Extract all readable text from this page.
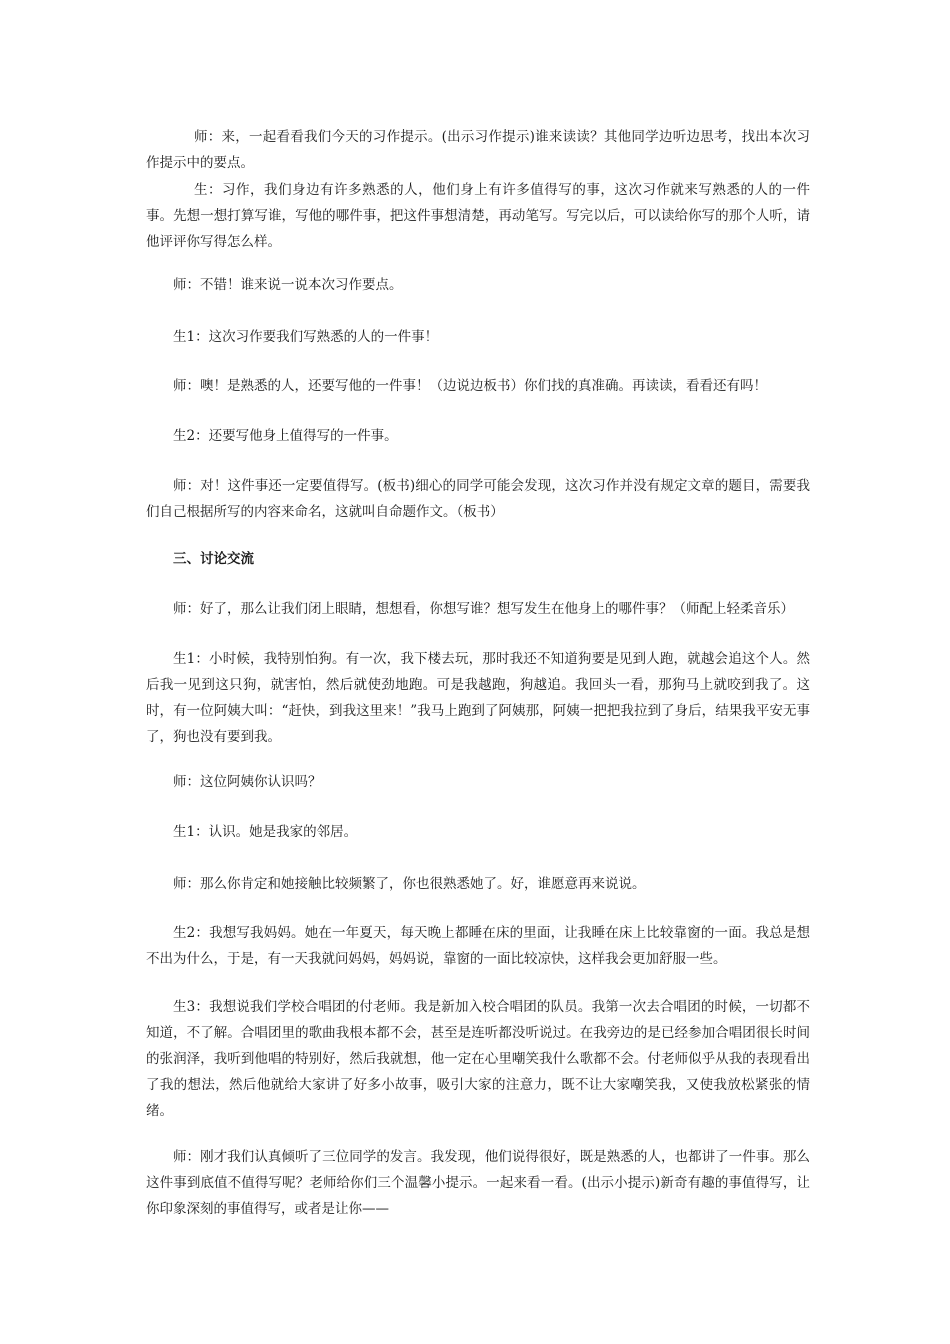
师：来，一起看看我们今天的习作提示。(出示习作提示)谁来读读？其他同学边听边思考，找出本次习作提示中的要点。

生：习作，我们身边有许多熟悉的人，他们身上有许多值得写的事，这次习作就来写熟悉的人的一件事。先想一想打算写谁，写他的哪件事，把这件事想清楚，再动笔写。写完以后，可以读给你写的那个人听，请他评评你写得怎么样。

师：不错！谁来说一说本次习作要点。

生1：这次习作要我们写熟悉的人的一件事！

师：噢！是熟悉的人，还要写他的一件事！（边说边板书）你们找的真准确。再读读，看看还有吗！

生2：还要写他身上值得写的一件事。

师：对！这件事还一定要值得写。(板书)细心的同学可能会发现，这次习作并没有规定文章的题目，需要我们自己根据所写的内容来命名，这就叫自命题作文。（板书）

三、讨论交流

师：好了，那么让我们闭上眼睛，想想看，你想写谁？想写发生在他身上的哪件事？（师配上轻柔音乐）

生1：小时候，我特别怕狗。有一次，我下楼去玩，那时我还不知道狗要是见到人跑，就越会追这个人。然后我一见到这只狗，就害怕，然后就使劲地跑。可是我越跑，狗越追。我回头一看，那狗马上就咬到我了。这时，有一位阿姨大叫：“赶快，到我这里来！”我马上跑到了阿姨那，阿姨一把把我拉到了身后，结果我平安无事了，狗也没有要到我。

师：这位阿姨你认识吗？

生1：认识。她是我家的邻居。

师：那么你肯定和她接触比较频繁了，你也很熟悉她了。好，谁愿意再来说说。

生2：我想写我妈妈。她在一年夏天，每天晚上都睡在床的里面，让我睡在床上比较靠窗的一面。我总是想不出为什么，于是，有一天我就问妈妈，妈妈说，靠窗的一面比较凉快，这样我会更加舒服一些。

生3：我想说我们学校合唱团的付老师。我是新加入校合唱团的队员。我第一次去合唱团的时候，一切都不知道，不了解。合唱团里的歌曲我根本都不会，甚至是连听都没听说过。在我旁边的是已经参加合唱团很长时间的张润泽，我听到他唱的特别好，然后我就想，他一定在心里嘲笑我什么歌都不会。付老师似乎从我的表现看出了我的想法，然后他就给大家讲了好多小故事，吸引大家的注意力，既不让大家嘲笑我，又使我放松紧张的情绪。

师：刚才我们认真倾听了三位同学的发言。我发现，他们说得很好，既是熟悉的人，也都讲了一件事。那么这件事到底值不值得写呢？老师给你们三个温馨小提示。一起来看一看。(出示小提示)新奇有趣的事值得写，让你印象深刻的事值得写，或者是让你——
